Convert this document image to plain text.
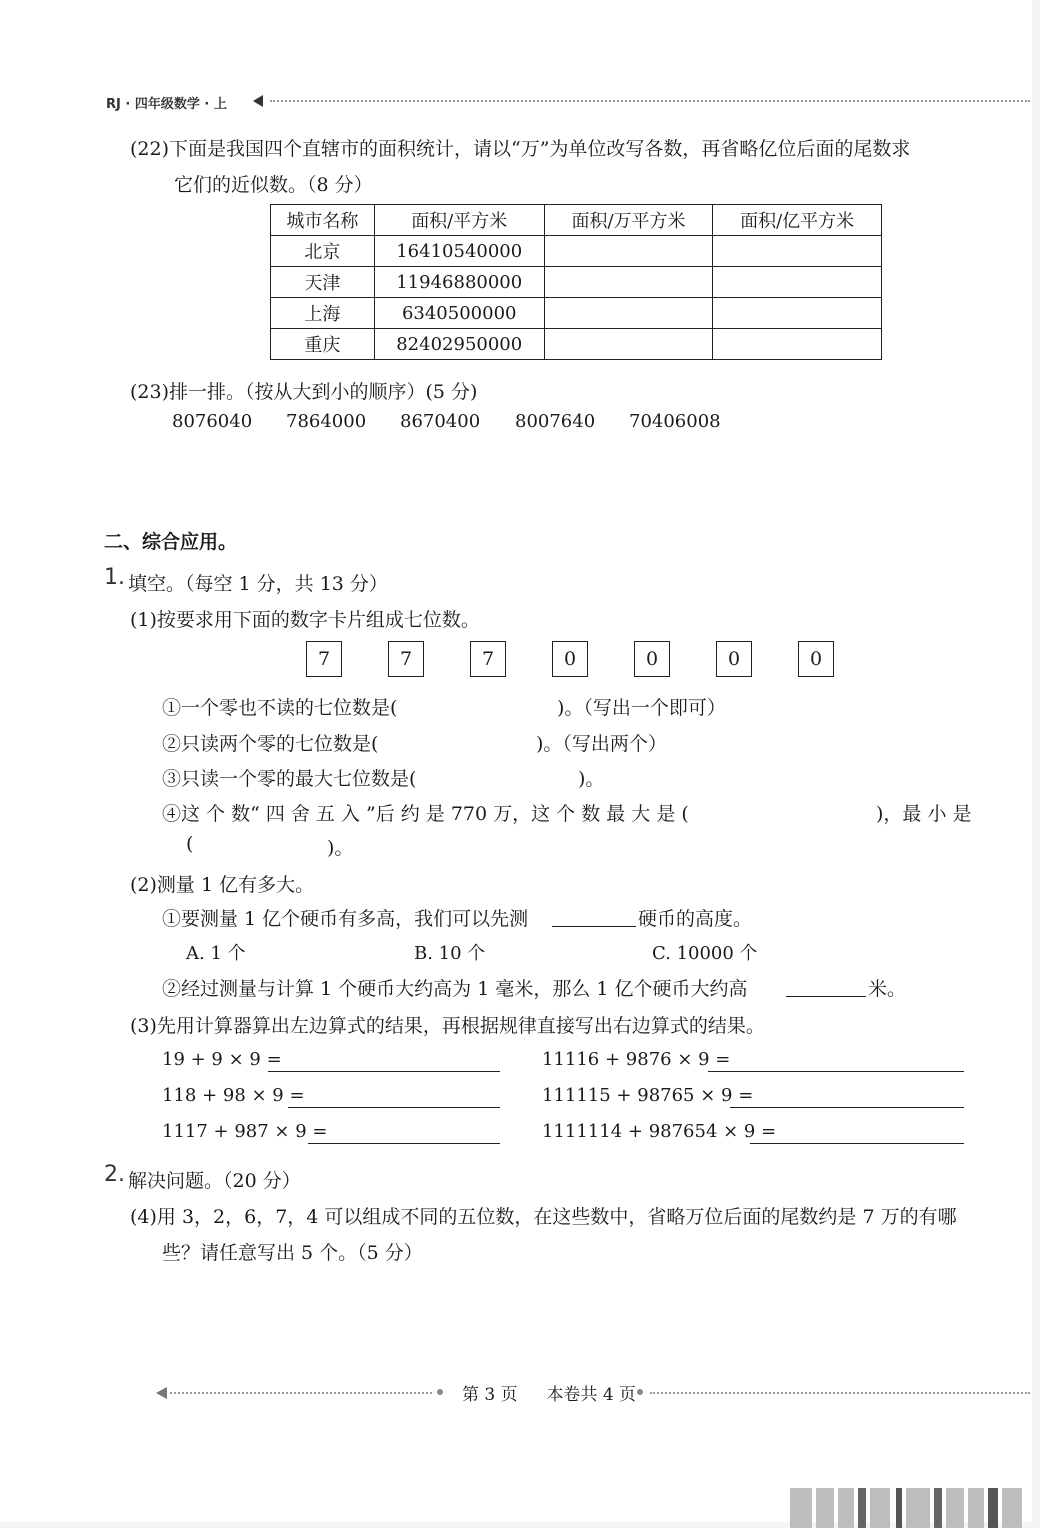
RJ · 四年级数学 · 上
(22)下面是我国四个直辖市的面积统计，请以“万”为单位改写各数，再省略亿位后面的尾数求
它们的近似数。（8 分）
城市名称	面积/平方米	面积/万平方米	面积/亿平方米
北京	16410540000		
天津	11946880000		
上海	6340500000		
重庆	82402950000		
(23)排一排。（按从大到小的顺序）(5 分)
8076040 7864000 8670400 8007640 70406008
二、综合应用。
1. 填空。（每空 1 分，共 13 分）
(1)按要求用下面的数字卡片组成七位数。
7	7	7	0	0	0	0
①一个零也不读的七位数是(	)。（写出一个即可）
②只读两个零的七位数是(	)。（写出两个）
③只读一个零的最大七位数是(	)。
④这 个 数“ 四 舍 五 入 ”后 约 是 770 万，这 个 数 最 大 是 (	)，最 小 是
(	)。
(2)测量 1 亿有多大。
①要测量 1 亿个硬币有多高，我们可以先测	硬币的高度。
A. 1 个	B. 10 个	C. 10000 个
②经过测量与计算 1 个硬币大约高为 1 毫米，那么 1 亿个硬币大约高	米。
(3)先用计算器算出左边算式的结果，再根据规律直接写出右边算式的结果。
19 + 9 × 9 =	11116 + 9876 × 9 =
118 + 98 × 9 =	111115 + 98765 × 9 =
1117 + 987 × 9 =	1111114 + 987654 × 9 =
2. 解决问题。（20 分）
(4)用 3，2，6，7，4 可以组成不同的五位数，在这些数中，省略万位后面的尾数约是 7 万的有哪
些？请任意写出 5 个。（5 分）
第 3 页 本卷共 4 页
